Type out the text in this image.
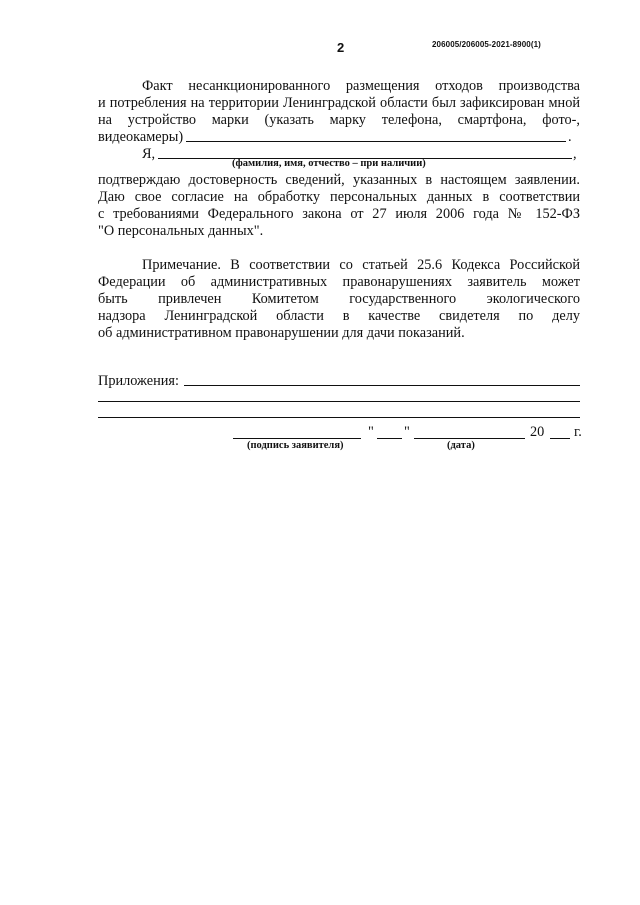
2	206005/206005-2021-8900(1)
Факт несанкционированного размещения отходов производства
и потребления на территории Ленинградской области был зафиксирован мной
на устройство марки (указать марку телефона, смартфона, фото-,
видеокамеры)	.
Я,	,
(фамилия, имя, отчество – при наличии)
подтверждаю достоверность сведений, указанных в настоящем заявлении.
Даю свое согласие на обработку персональных данных в соответствии
с требованиями Федерального закона от 27 июля 2006 года № 152-ФЗ
"О персональных данных".
Примечание. В соответствии со статьей 25.6 Кодекса Российской
Федерации об административных правонарушениях заявитель может
быть привлечен Комитетом государственного экологического
надзора Ленинградской области в качестве свидетеля по делу
об административном правонарушении для дачи показаний.
Приложения:
" "	20 г.
(подпись заявителя)	(дата)
